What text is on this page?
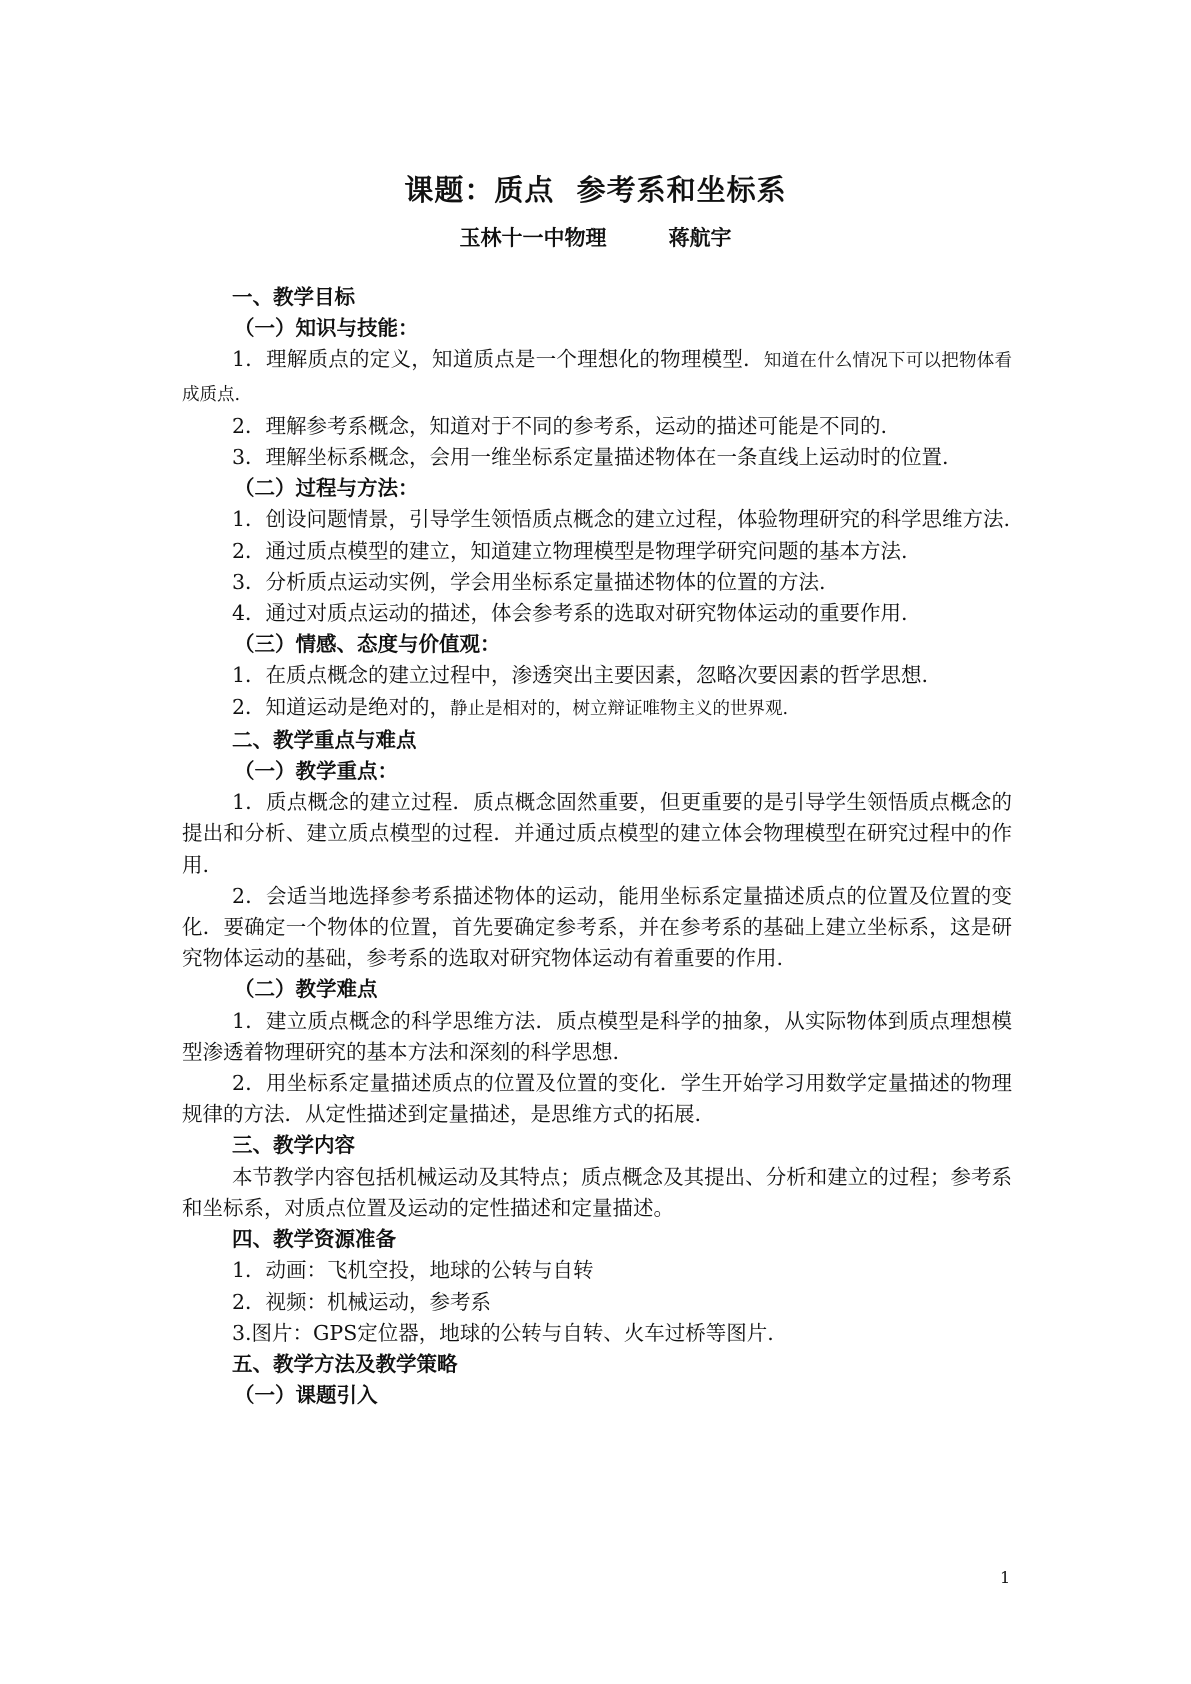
课题：质点  参考系和坐标系
玉林十一中物理	蒋航宇

一、教学目标

（一）知识与技能：

1．理解质点的定义，知道质点是一个理想化的物理模型．知道在什么情况下可以把物体看成质点.

2．理解参考系概念，知道对于不同的参考系，运动的描述可能是不同的.

3．理解坐标系概念，会用一维坐标系定量描述物体在一条直线上运动时的位置.

（二）过程与方法：

1．创设问题情景，引导学生领悟质点概念的建立过程，体验物理研究的科学思维方法.

2．通过质点模型的建立，知道建立物理模型是物理学研究问题的基本方法.

3．分析质点运动实例，学会用坐标系定量描述物体的位置的方法.

4．通过对质点运动的描述，体会参考系的选取对研究物体运动的重要作用.

（三）情感、态度与价值观：

1．在质点概念的建立过程中，渗透突出主要因素，忽略次要因素的哲学思想.

2．知道运动是绝对的，静止是相对的，树立辩证唯物主义的世界观.

二、教学重点与难点

（一）教学重点：

1．质点概念的建立过程．质点概念固然重要，但更重要的是引导学生领悟质点概念的提出和分析、建立质点模型的过程．并通过质点模型的建立体会物理模型在研究过程中的作用.

2．会适当地选择参考系描述物体的运动，能用坐标系定量描述质点的位置及位置的变化．要确定一个物体的位置，首先要确定参考系，并在参考系的基础上建立坐标系，这是研究物体运动的基础，参考系的选取对研究物体运动有着重要的作用.

（二）教学难点

1．建立质点概念的科学思维方法．质点模型是科学的抽象，从实际物体到质点理想模型渗透着物理研究的基本方法和深刻的科学思想.

2．用坐标系定量描述质点的位置及位置的变化．学生开始学习用数学定量描述的物理规律的方法．从定性描述到定量描述，是思维方式的拓展.

三、教学内容

本节教学内容包括机械运动及其特点；质点概念及其提出、分析和建立的过程；参考系和坐标系，对质点位置及运动的定性描述和定量描述。

四、教学资源准备

1．动画：飞机空投，地球的公转与自转

2．视频：机械运动，参考系

3.图片：GPS定位器，地球的公转与自转、火车过桥等图片.

五、教学方法及教学策略

（一）课题引入

1
